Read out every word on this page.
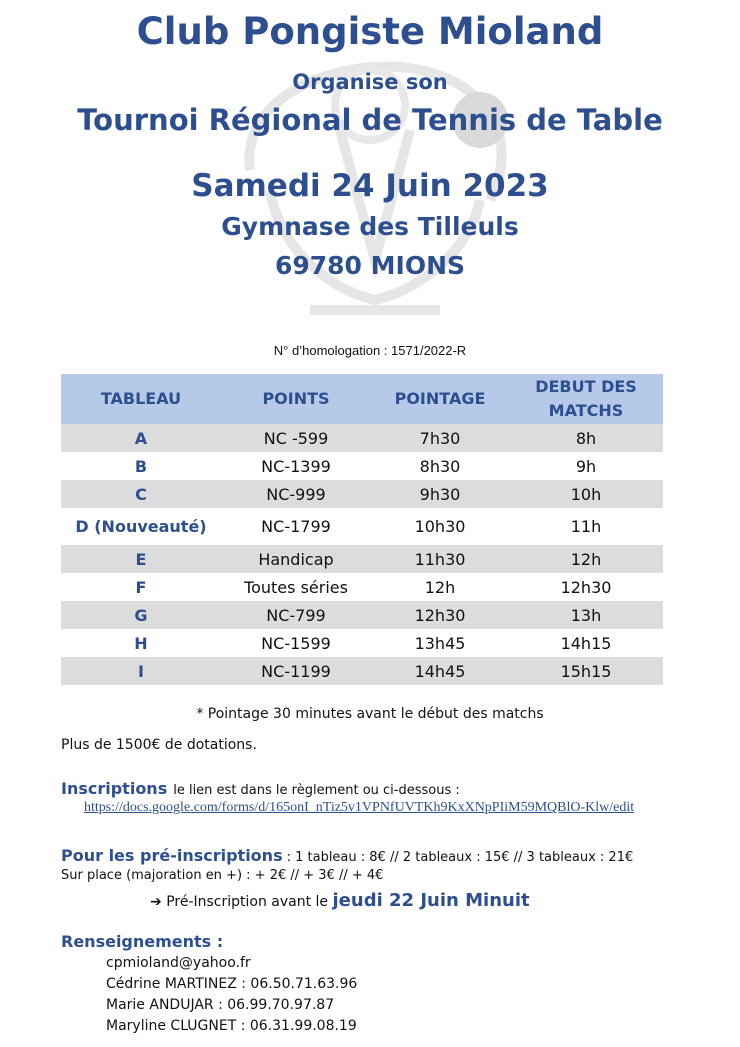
Club Pongiste Mioland
Organise son
Tournoi Régional de Tennis de Table
Samedi 24 Juin 2023
Gymnase des Tilleuls
69780 MIONS
N° d’homologation : 1571/2022-R
TABLEAU	POINTS	POINTAGE	DEBUT DES MATCHS
A	NC -599	7h30	8h
B	NC-1399	8h30	9h
C	NC-999	9h30	10h
D (Nouveauté)	NC-1799	10h30	11h
E	Handicap	11h30	12h
F	Toutes séries	12h	12h30
G	NC-799	12h30	13h
H	NC-1599	13h45	14h15
I	NC-1199	14h45	15h15
* Pointage 30 minutes avant le début des matchs
Plus de 1500€ de dotations.
Inscriptions le lien est dans le règlement ou ci-dessous :
https://docs.google.com/forms/d/165onI_nTiz5v1VPNfUVTKh9KxXNpPIiM59MQBlO-Klw/edit
Pour les pré-inscriptions : 1 tableau : 8€ // 2 tableaux : 15€ // 3 tableaux : 21€
Sur place (majoration en +) : + 2€ // + 3€ // + 4€
➔ Pré-Inscription avant le jeudi 22 Juin Minuit
Renseignements :
cpmioland@yahoo.fr
Cédrine MARTINEZ : 06.50.71.63.96
Marie ANDUJAR : 06.99.70.97.87
Maryline CLUGNET : 06.31.99.08.19
